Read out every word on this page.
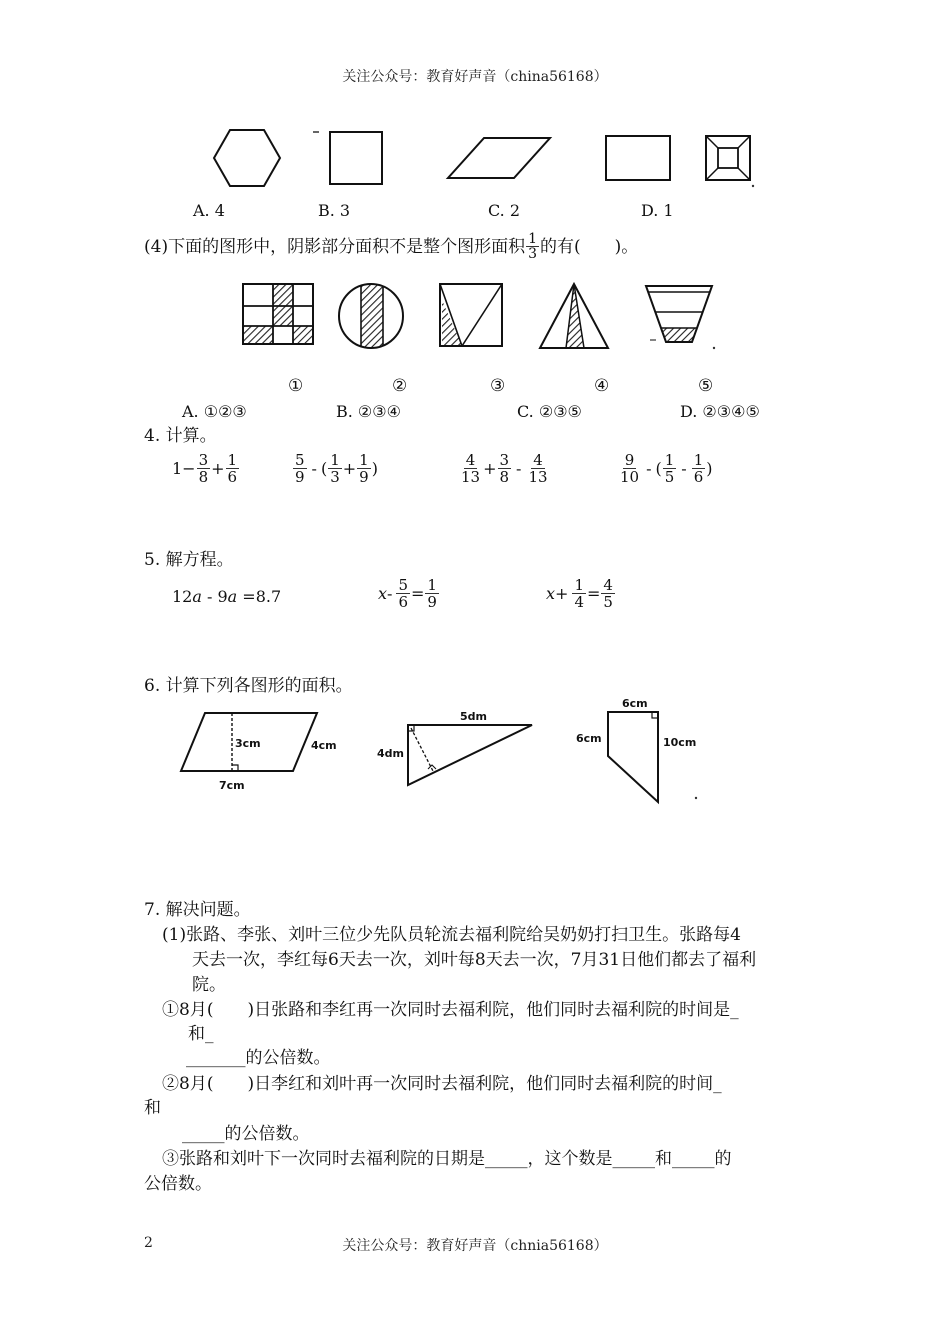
关注公众号：教育好声音（china56168）
A. 4	B. 3	C. 2	D. 1
(4)下面的图形中，阴影部分面积不是整个图形面积 $\frac{1}{3}$ 的有(　　)。
①	②	③	④	⑤
A. ①②③	B. ②③④	C. ②③⑤	D. ②③④⑤
4. 计算。
$1- \frac{3}{8} + \frac{1}{6}$	$\frac{5}{9}$ - ( $\frac{1}{3} + \frac{1}{9}$ )	$\frac{4}{13} + \frac{3}{8} - \frac{4}{13}$	$\frac{9}{10}$ - ( $\frac{1}{5} - \frac{1}{6}$ )
5. 解方程。
12a - 9a =8.7	$x - \frac{5}{6} = \frac{1}{9}$	$x + \frac{1}{4} = \frac{4}{5}$
6. 计算下列各图形的面积。
3cm	4cm
7cm
5dm
4dm
6cm
6cm	10cm
7. 解决问题。
(1)张路、李张、刘叶三位少先队员轮流去福利院给吴奶奶打扫卫生。张路每4
天去一次，李红每6天去一次，刘叶每8天去一次，7月31日他们都去了福利
院。
①8月(　　)日张路和李红再一次同时去福利院，他们同时去福利院的时间是_
和_
_______的公倍数。
②8月(　　)日李红和刘叶再一次同时去福利院，他们同时去福利院的时间_
和
_____的公倍数。
③张路和刘叶下一次同时去福利院的日期是_____，这个数是_____和_____的
公倍数。
2	关注公众号：教育好声音（chnia56168）
